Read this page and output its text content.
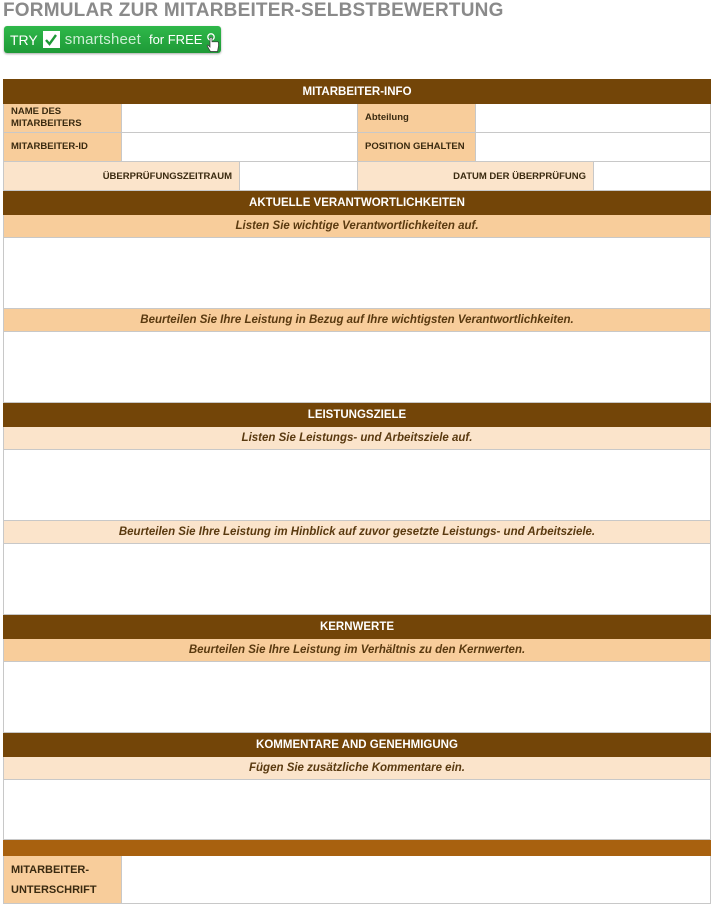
FORMULAR ZUR MITARBEITER-SELBSTBEWERTUNG
TRY smartsheet for FREE
MITARBEITER-INFO					
NAME DES MITARBEITERS			Abteilung		
MITARBEITER-ID			POSITION GEHALTEN		
ÜBERPRÜFUNGSZEITRAUM			DATUM DER ÜBERPRÜFUNG		
AKTUELLE VERANTWORTLICHKEITEN					
Listen Sie wichtige Verantwortlichkeiten auf.					

Beurteilen Sie Ihre Leistung in Bezug auf Ihre wichtigsten Verantwortlichkeiten.					

LEISTUNGSZIELE					
Listen Sie Leistungs- und Arbeitsziele auf.					

Beurteilen Sie Ihre Leistung im Hinblick auf zuvor gesetzte Leistungs- und Arbeitsziele.					

KERNWERTE					
Beurteilen Sie Ihre Leistung im Verhältnis zu den Kernwerten.					

KOMMENTARE AND GENEHMIGUNG					
Fügen Sie zusätzliche Kommentare ein.					

MITARBEITER-UNTERSCHRIFT					
